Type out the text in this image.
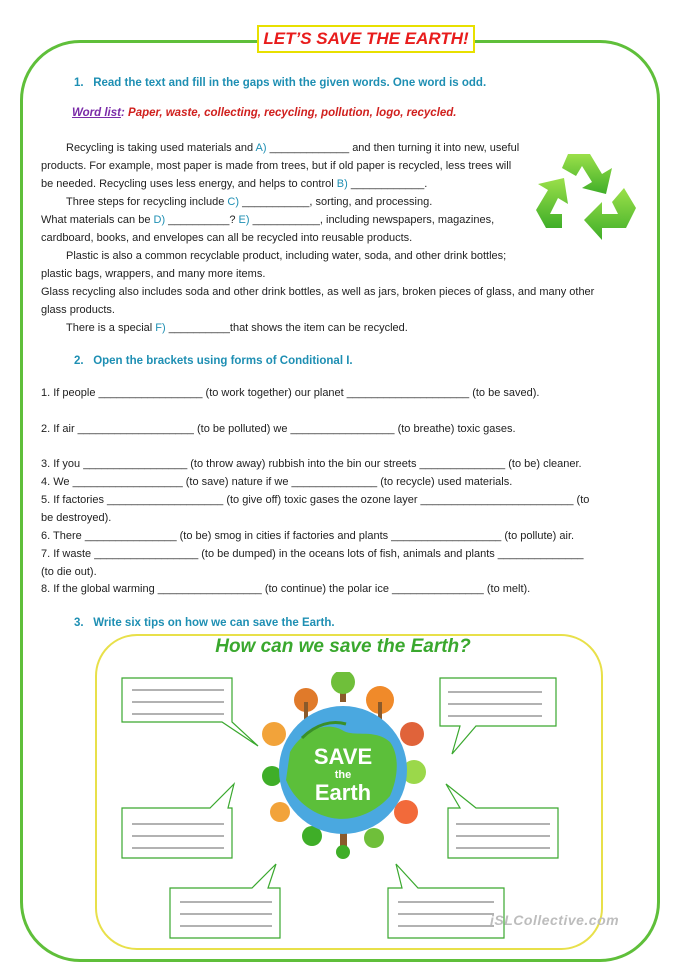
LET’S SAVE THE EARTH!
1. Read the text and fill in the gaps with the given words. One word is odd.
Word list: Paper, waste, collecting, recycling, pollution, logo, recycled.
Recycling is taking used materials and A) _____________ and then turning it into new, useful
products. For example, most paper is made from trees, but if old paper is recycled, less trees will
be needed. Recycling uses less energy, and helps to control B) ____________.
Three steps for recycling include C) ___________, sorting, and processing.
What materials can be D) __________? E) ___________, including newspapers, magazines,
cardboard, books, and envelopes can all be recycled into reusable products.
Plastic is also a common recyclable product, including water, soda, and other drink bottles;
plastic bags, wrappers, and many more items.
Glass recycling also includes soda and other drink bottles, as well as jars, broken pieces of glass, and many other
glass products.
There is a special F) __________that shows the item can be recycled.
2. Open the brackets using forms of Conditional I.
1. If people _________________ (to work together) our planet ____________________ (to be saved).
2. If air ___________________ (to be polluted) we _________________ (to breathe) toxic gases.
3. If you _________________ (to throw away) rubbish into the bin our streets ______________ (to be) cleaner.
4. We __________________ (to save) nature if we ______________ (to recycle) used materials.
5. If factories ___________________ (to give off) toxic gases the ozone layer _________________________ (to
be destroyed).
6. There _______________ (to be) smog in cities if factories and plants __________________ (to pollute) air.
7. If waste _________________ (to be dumped) in the oceans lots of fish, animals and plants ______________
(to die out).
8. If the global warming _________________ (to continue) the polar ice _______________ (to melt).
3. Write six tips on how we can save the Earth.
How can we save the Earth?
SAVE
the
Earth
iSLCollective.com
